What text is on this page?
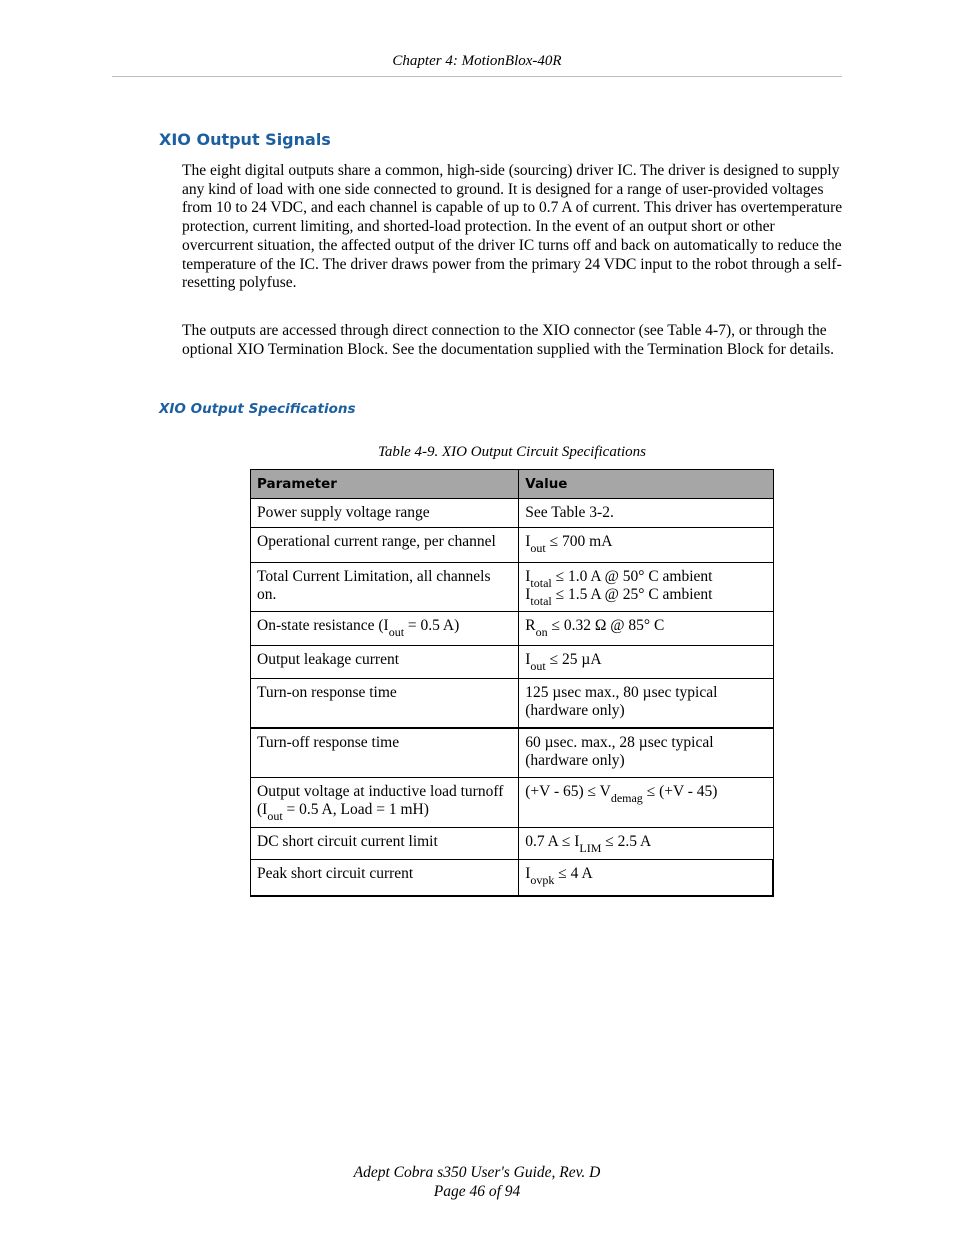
Chapter 4: MotionBlox-40R
XIO Output Signals
The eight digital outputs share a common, high-side (sourcing) driver IC. The driver is designed to supply any kind of load with one side connected to ground. It is designed for a range of user-provided voltages from 10 to 24 VDC, and each channel is capable of up to 0.7 A of current. This driver has overtemperature protection, current limiting, and shorted-load protection. In the event of an output short or other overcurrent situation, the affected output of the driver IC turns off and back on automatically to reduce the temperature of the IC. The driver draws power from the primary 24 VDC input to the robot through a self-resetting polyfuse.
The outputs are accessed through direct connection to the XIO connector (see Table 4-7), or through the optional XIO Termination Block. See the documentation supplied with the Termination Block for details.
XIO Output Specifications
Table 4-9. XIO Output Circuit Specifications
Parameter	Value
Power supply voltage range	See Table 3-2.
Operational current range, per channel	$I_{out} \le 700$ mA
Total Current Limitation, all channels on.	$I_{total} \le 1.0$ A @ 50° C ambient
$I_{total} \le 1.5$ A @ 25° C ambient

On-state resistance ($I_{out} = 0.5$ A)	$R_{on} \le 0.32$ Ω @ 85° C
Output leakage current	$I_{out} \le 25$ µA
Turn-on response time	125 µsec max., 80 µsec typical (hardware only)
Turn-off response time	60 µsec. max., 28 µsec typical (hardware only)
Output voltage at inductive load turnoff ($I_{out} = 0.5$ A, Load = 1 mH)	$(+V - 65) \le V_{demag} \le (+V - 45)$
DC short circuit current limit	0.7 $A \le I_{LIM} \le 2.5$ A
Peak short circuit current	$I_{ovpk} \le 4$ A
Adept Cobra s350 User's Guide, Rev. D
Page 46 of 94
